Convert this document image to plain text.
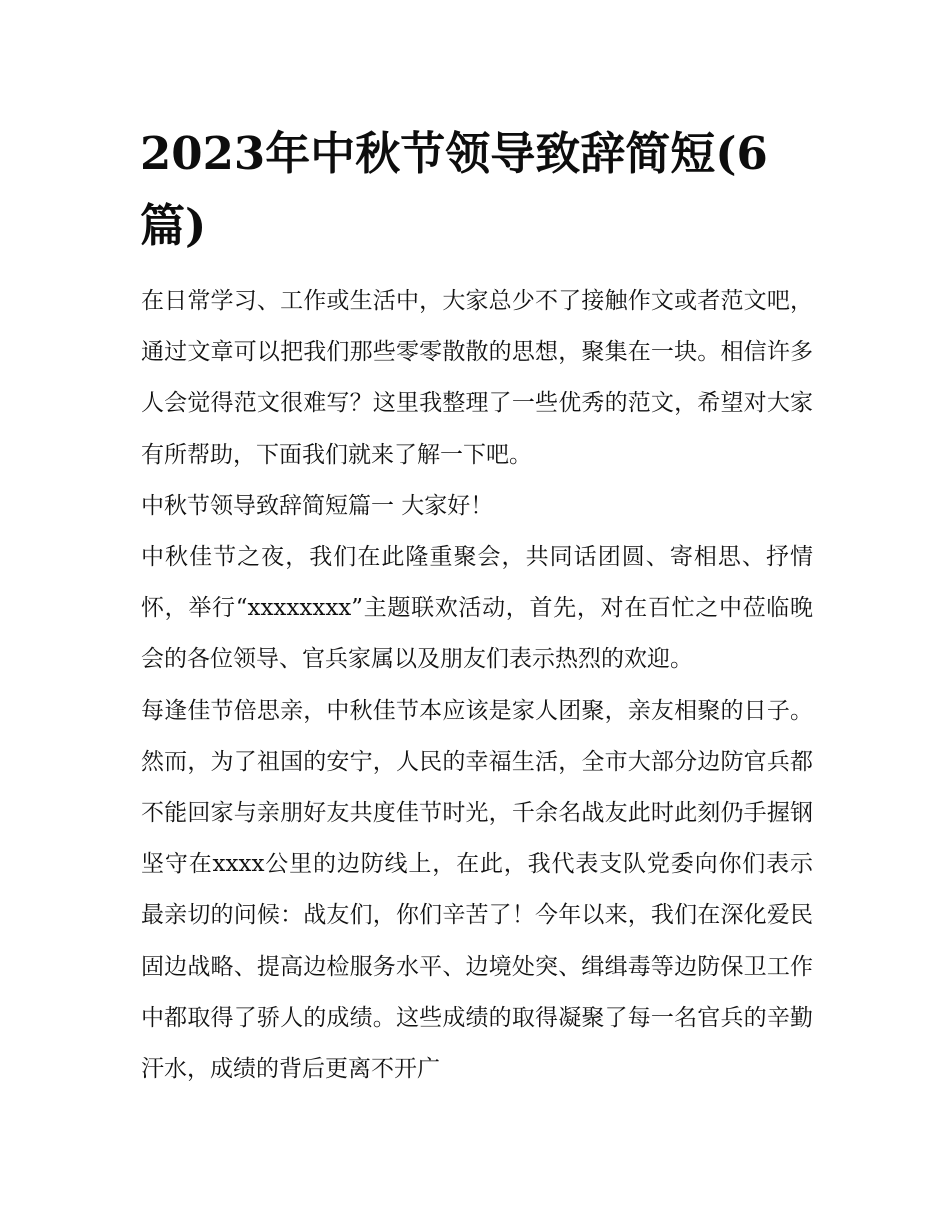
2023年中秋节领导致辞简短(6篇)

在日常学习、工作或生活中，大家总少不了接触作文或者范文吧，通过文章可以把我们那些零零散散的思想，聚集在一块。相信许多人会觉得范文很难写？这里我整理了一些优秀的范文，希望对大家有所帮助，下面我们就来了解一下吧。

中秋节领导致辞简短篇一 大家好！

中秋佳节之夜，我们在此隆重聚会，共同话团圆、寄相思、抒情怀，举行“xxxxxxxx”主题联欢活动，首先，对在百忙之中莅临晚会的各位领导、官兵家属以及朋友们表示热烈的欢迎。

每逢佳节倍思亲，中秋佳节本应该是家人团聚，亲友相聚的日子。然而，为了祖国的安宁，人民的幸福生活，全市大部分边防官兵都不能回家与亲朋好友共度佳节时光，千余名战友此时此刻仍手握钢坚守在xxxx公里的边防线上，在此，我代表支队党委向你们表示最亲切的问候：战友们，你们辛苦了！今年以来，我们在深化爱民固边战略、提高边检服务水平、边境处突、缉缉毒等边防保卫工作中都取得了骄人的成绩。这些成绩的取得凝聚了每一名官兵的辛勤汗水，成绩的背后更离不开广
